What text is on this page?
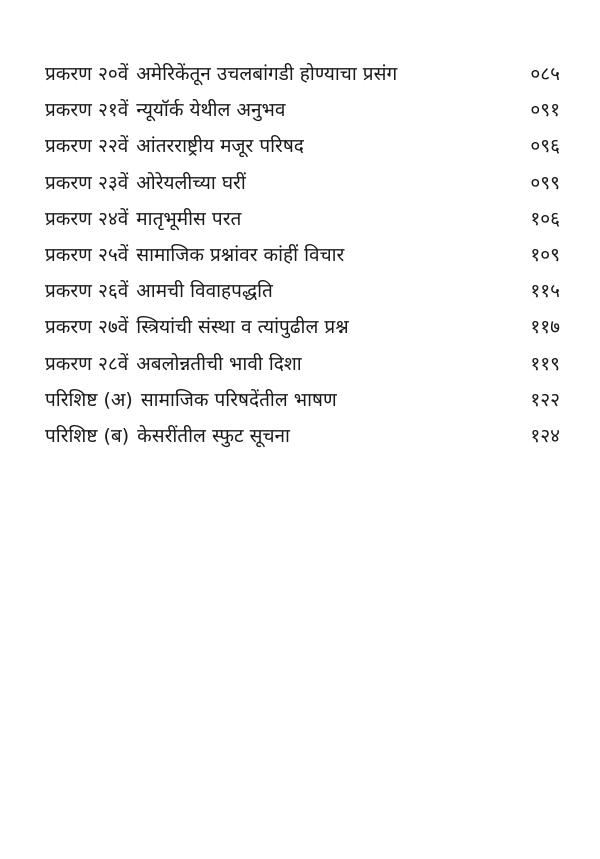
प्रकरण २०वें अमेरिकेंतून उचलबांगडी होण्याचा प्रसंग	०८५
प्रकरण २१वें न्यूयॉर्क येथील अनुभव	०९१
प्रकरण २२वें आंतरराष्ट्रीय मजूर परिषद	०९६
प्रकरण २३वें ओरेयलीच्या घरीं	०९९
प्रकरण २४वें मातृभूमीस परत	१०६
प्रकरण २५वें सामाजिक प्रश्नांवर कांहीं विचार	१०९
प्रकरण २६वें आमची विवाहपद्धति	११५
प्रकरण २७वें स्त्रियांची संस्था व त्यांपुढील प्रश्न	११७
प्रकरण २८वें अबलोन्नतीची भावी दिशा	११९
परिशिष्ट (अ) सामाजिक परिषदेंतील भाषण	१२२
परिशिष्ट (ब) केसरींतील स्फुट सूचना	१२४
